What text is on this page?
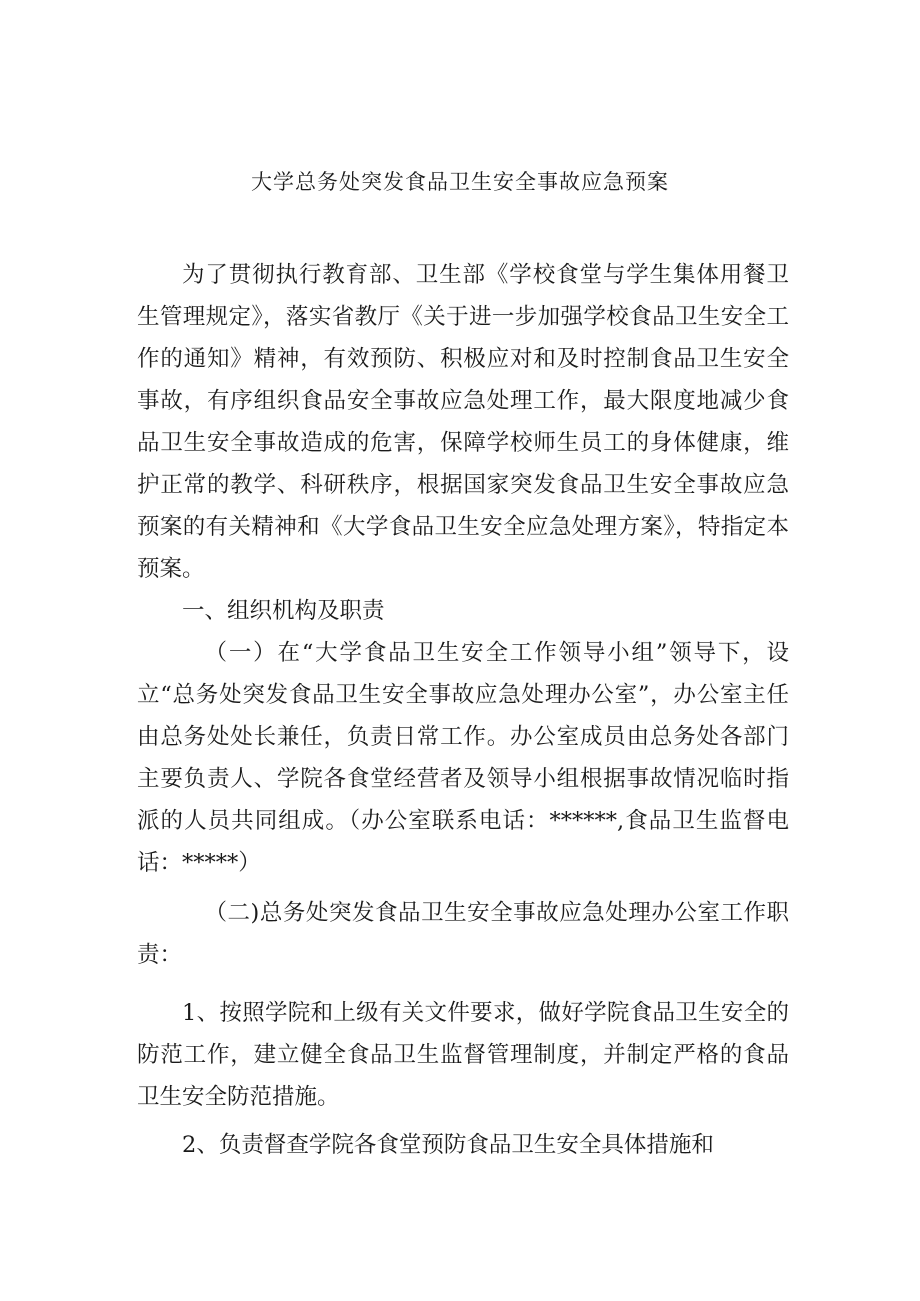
大学总务处突发食品卫生安全事故应急预案

为了贯彻执行教育部、卫生部《学校食堂与学生集体用餐卫生管理规定》，落实省教厅《关于进一步加强学校食品卫生安全工作的通知》精神，有效预防、积极应对和及时控制食品卫生安全事故，有序组织食品安全事故应急处理工作，最大限度地减少食品卫生安全事故造成的危害，保障学校师生员工的身体健康，维护正常的教学、科研秩序，根据国家突发食品卫生安全事故应急预案的有关精神和《大学食品卫生安全应急处理方案》，特指定本预案。

一、组织机构及职责

（一）在“大学食品卫生安全工作领导小组”领导下，设立“总务处突发食品卫生安全事故应急处理办公室”，办公室主任由总务处处长兼任，负责日常工作。办公室成员由总务处各部门主要负责人、学院各食堂经营者及领导小组根据事故情况临时指派的人员共同组成。（办公室联系电话：******,食品卫生监督电话：*****）

（二)总务处突发食品卫生安全事故应急处理办公室工作职责：

1、按照学院和上级有关文件要求，做好学院食品卫生安全的防范工作，建立健全食品卫生监督管理制度，并制定严格的食品卫生安全防范措施。

2、负责督查学院各食堂预防食品卫生安全具体措施和
